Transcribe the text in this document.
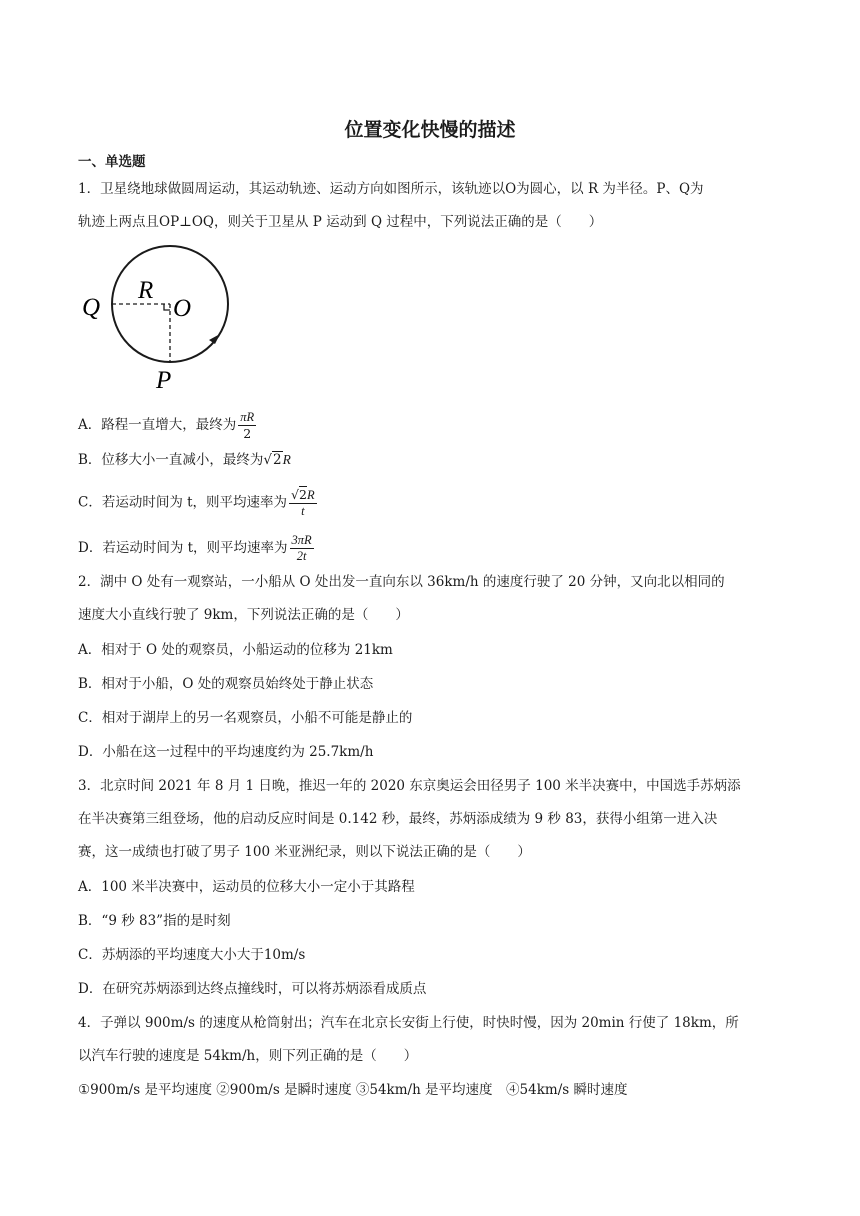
位置变化快慢的描述
一、单选题
1．卫星绕地球做圆周运动，其运动轨迹、运动方向如图所示，该轨迹以O为圆心，以 R 为半径。P、Q为
轨迹上两点且OP⊥OQ，则关于卫星从 P 运动到 Q 过程中，下列说法正确的是（　　）
Q
R
O
P
A．路程一直增大，最终为 $\frac{\pi R}{2}$
B．位移大小一直减小，最终为√2R
C．若运动时间为 t，则平均速率为 $\frac{√2R}{t}$
D．若运动时间为 t，则平均速率为 $\frac{3\pi R}{2t}$
2．湖中 O 处有一观察站，一小船从 O 处出发一直向东以 36km/h 的速度行驶了 20 分钟，又向北以相同的
速度大小直线行驶了 9km，下列说法正确的是（　　）
A．相对于 O 处的观察员，小船运动的位移为 21km
B．相对于小船，O 处的观察员始终处于静止状态
C．相对于湖岸上的另一名观察员，小船不可能是静止的
D．小船在这一过程中的平均速度约为 25.7km/h
3．北京时间 2021 年 8 月 1 日晚，推迟一年的 2020 东京奥运会田径男子 100 米半决赛中，中国选手苏炳添
在半决赛第三组登场，他的启动反应时间是 0.142 秒，最终，苏炳添成绩为 9 秒 83，获得小组第一进入决
赛，这一成绩也打破了男子 100 米亚洲纪录，则以下说法正确的是（　　）
A．100 米半决赛中，运动员的位移大小一定小于其路程
B．“9 秒 83”指的是时刻
C．苏炳添的平均速度大小大于10m/s
D．在研究苏炳添到达终点撞线时，可以将苏炳添看成质点
4．子弹以 900m/s 的速度从枪筒射出；汽车在北京长安街上行使，时快时慢，因为 20min 行使了 18km，所
以汽车行驶的速度是 54km/h，则下列正确的是（　　）
①900m/s 是平均速度 ②900m/s 是瞬时速度 ③54km/h 是平均速度　④54km/s 瞬时速度
